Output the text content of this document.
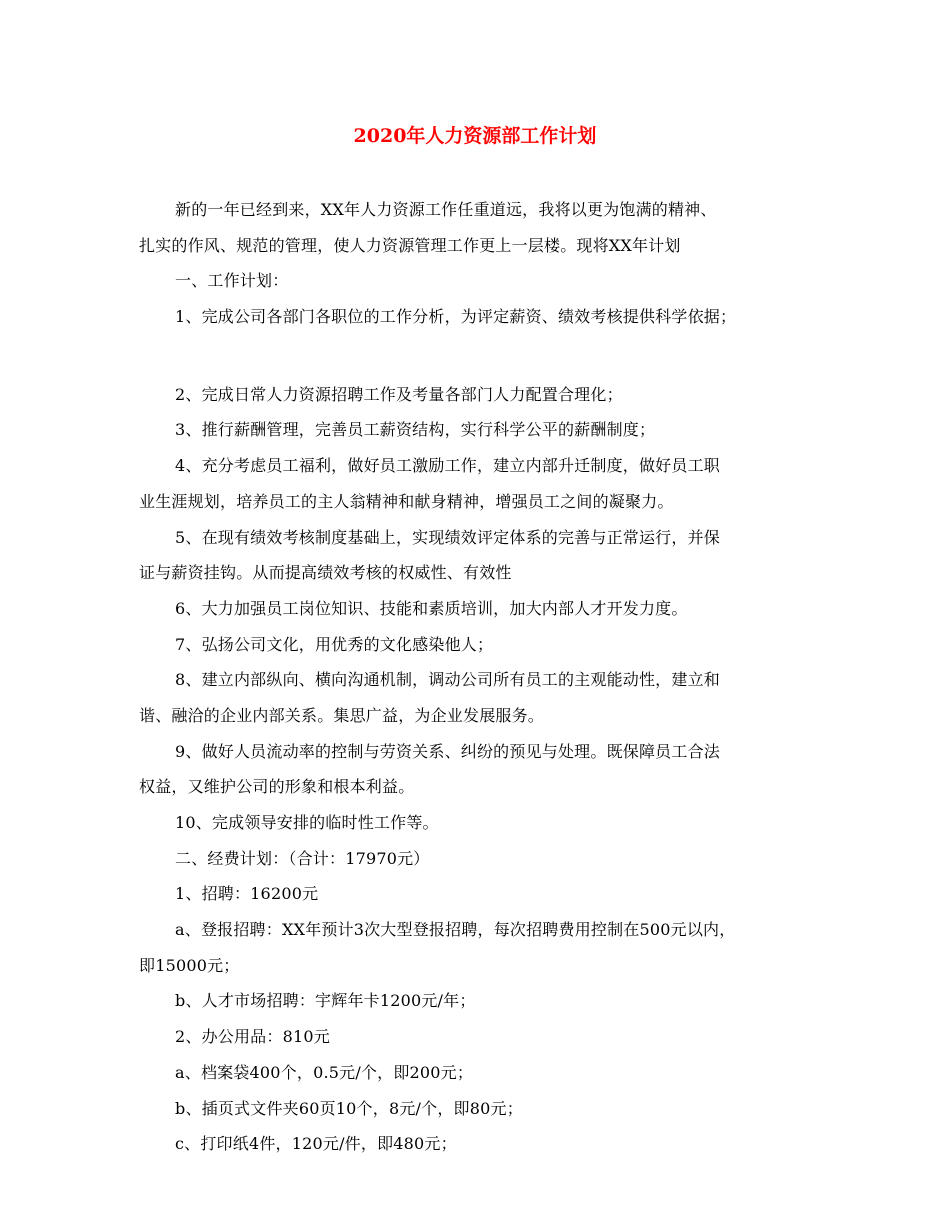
2020年人力资源部工作计划

新的一年已经到来，XX年人力资源工作任重道远，我将以更为饱满的精神、

扎实的作风、规范的管理，使人力资源管理工作更上一层楼。现将XX年计划

一、工作计划：

1、完成公司各部门各职位的工作分析，为评定薪资、绩效考核提供科学依据；

2、完成日常人力资源招聘工作及考量各部门人力配置合理化；

3、推行薪酬管理，完善员工薪资结构，实行科学公平的薪酬制度；

4、充分考虑员工福利，做好员工激励工作，建立内部升迁制度，做好员工职

业生涯规划，培养员工的主人翁精神和献身精神，增强员工之间的凝聚力。

5、在现有绩效考核制度基础上，实现绩效评定体系的完善与正常运行，并保

证与薪资挂钩。从而提高绩效考核的权威性、有效性

6、大力加强员工岗位知识、技能和素质培训，加大内部人才开发力度。

7、弘扬公司文化，用优秀的文化感染他人；

8、建立内部纵向、横向沟通机制，调动公司所有员工的主观能动性，建立和

谐、融洽的企业内部关系。集思广益，为企业发展服务。

9、做好人员流动率的控制与劳资关系、纠纷的预见与处理。既保障员工合法

权益，又维护公司的形象和根本利益。

10、完成领导安排的临时性工作等。

二、经费计划：（合计：17970元）

1、招聘：16200元

a、登报招聘：XX年预计3次大型登报招聘，每次招聘费用控制在500元以内，

即15000元；

b、人才市场招聘：宇辉年卡1200元/年；

2、办公用品：810元

a、档案袋400个，0.5元/个，即200元；

b、插页式文件夹60页10个，8元/个，即80元；

c、打印纸4件，120元/件，即480元；
